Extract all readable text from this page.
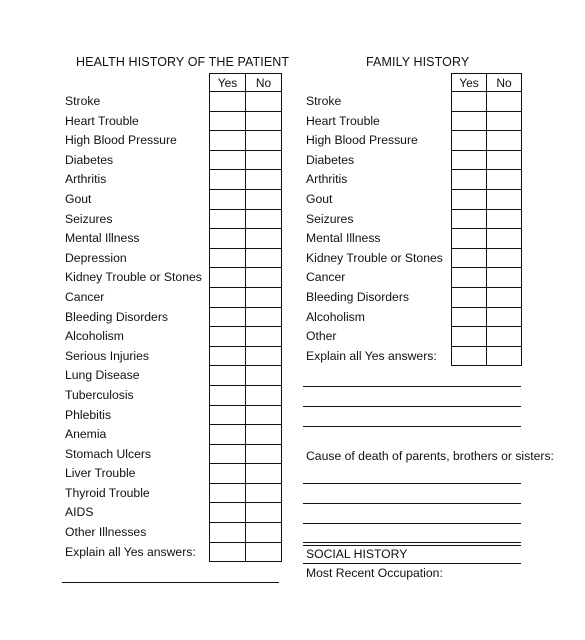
HEALTH HISTORY OF THE PATIENT	FAMILY HISTORY
Yes	No

		Yes	No

Stroke
Heart Trouble
High Blood Pressure
Diabetes
Arthritis
Gout
Seizures
Mental Illness
Depression
Kidney Trouble or Stones
Cancer
Bleeding Disorders
Alcoholism
Serious Injuries
Lung Disease
Tuberculosis
Phlebitis
Anemia
Stomach Ulcers
Liver Trouble
Thyroid Trouble
AIDS
Other Illnesses
Explain all Yes answers:
Stroke
Heart Trouble
High Blood Pressure
Diabetes
Arthritis
Gout
Seizures
Mental Illness
Kidney Trouble or Stones
Cancer
Bleeding Disorders
Alcoholism
Other
Explain all Yes answers:
Cause of death of parents, brothers or sisters:
SOCIAL HISTORY
Most Recent Occupation:
